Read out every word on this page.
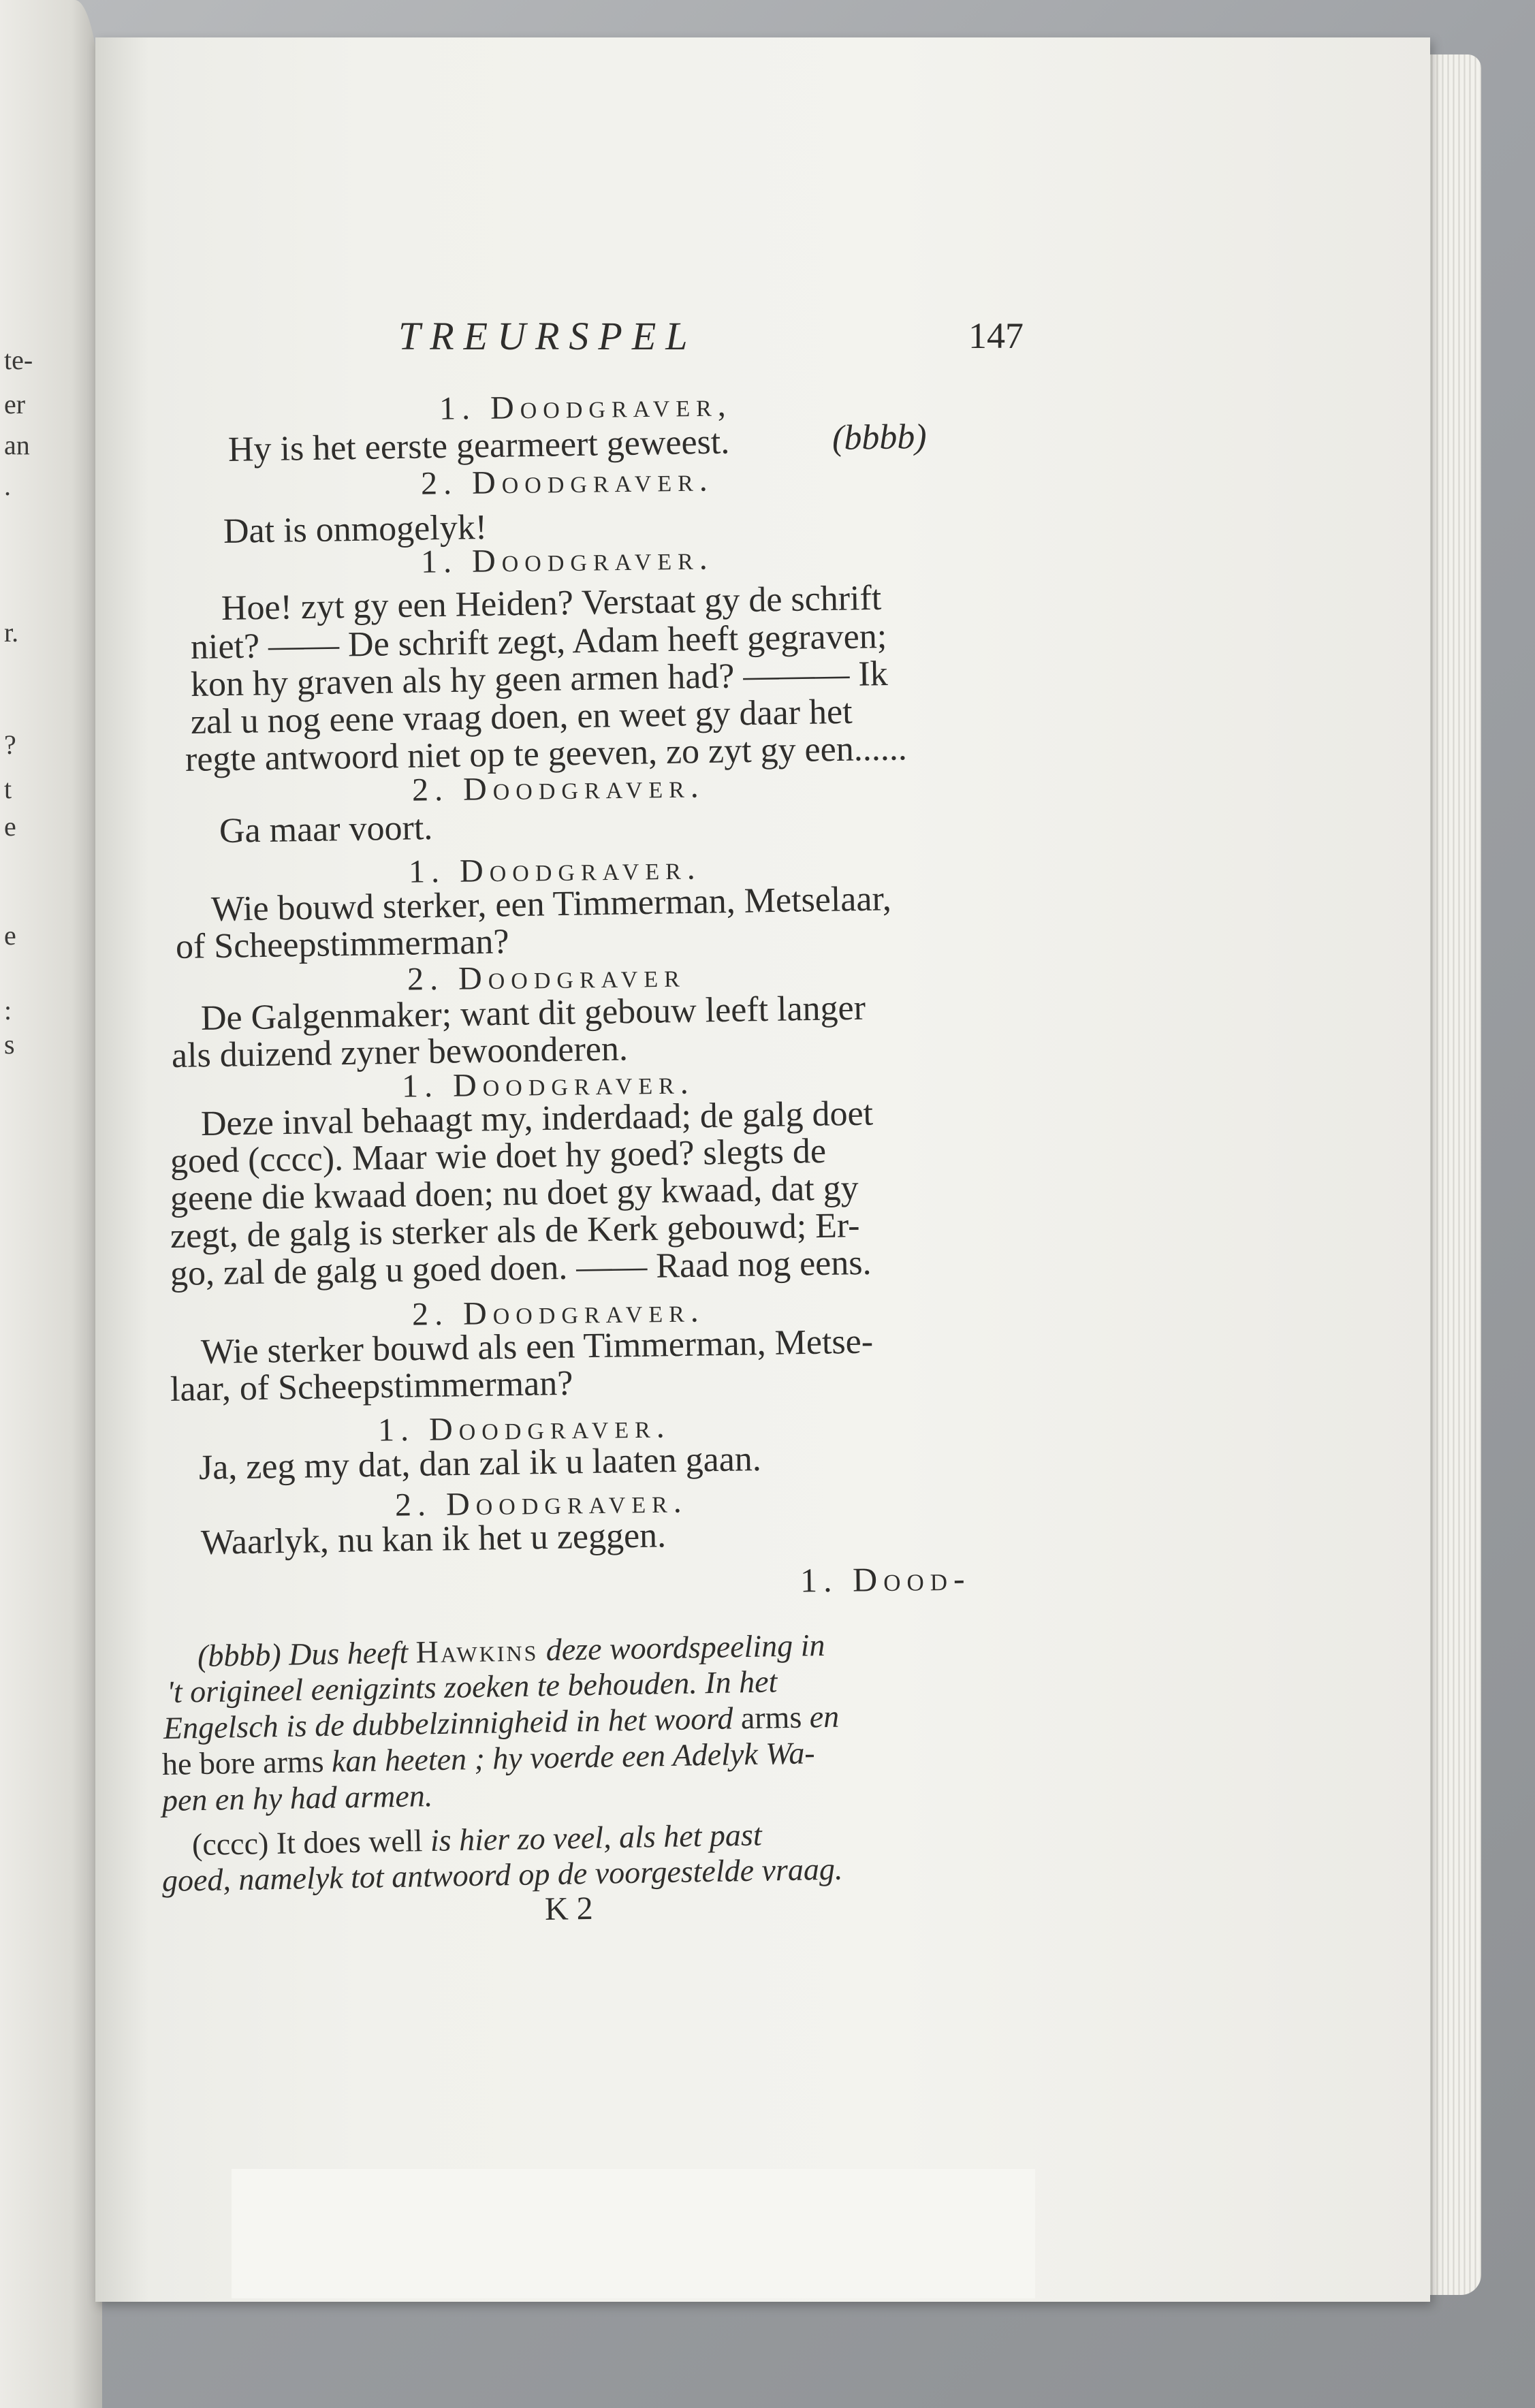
te-
er
an
.
r.
?
t
e
e
:
s
TREURSPEL	147
1. Doodgraver,
Hy is het eerste gearmeert geweest.	(bbbb)
2. Doodgraver.
Dat is onmogelyk!
1. Doodgraver.
Hoe! zyt gy een Heiden? Verstaat gy de schrift
niet? —— De schrift zegt, Adam heeft gegraven;
kon hy graven als hy geen armen had? ——— Ik
zal u nog eene vraag doen, en weet gy daar het
regte antwoord niet op te geeven, zo zyt gy een......
2. Doodgraver.
Ga maar voort.
1. Doodgraver.
Wie bouwd sterker, een Timmerman, Metselaar,
of Scheepstimmerman?
2. Doodgraver
De Galgenmaker; want dit gebouw leeft langer
als duizend zyner bewoonderen.
1. Doodgraver.
Deze inval behaagt my, inderdaad; de galg doet
goed (cccc). Maar wie doet hy goed? slegts de
geene die kwaad doen; nu doet gy kwaad, dat gy
zegt, de galg is sterker als de Kerk gebouwd; Er-
go, zal de galg u goed doen. —— Raad nog eens.
2. Doodgraver.
Wie sterker bouwd als een Timmerman, Metse-
laar, of Scheepstimmerman?
1. Doodgraver.
Ja, zeg my dat, dan zal ik u laaten gaan.
2. Doodgraver.
Waarlyk, nu kan ik het u zeggen.
1. Dood-
(bbbb) Dus heeft Hawkins deze woordspeeling in
't origineel eenigzints zoeken te behouden. In het
Engelsch is de dubbelzinnigheid in het woord arms en
he bore arms kan heeten ; hy voerde een Adelyk Wa-
pen en hy had armen.
(cccc) It does well is hier zo veel, als het past
goed, namelyk tot antwoord op de voorgestelde vraag.
K 2
